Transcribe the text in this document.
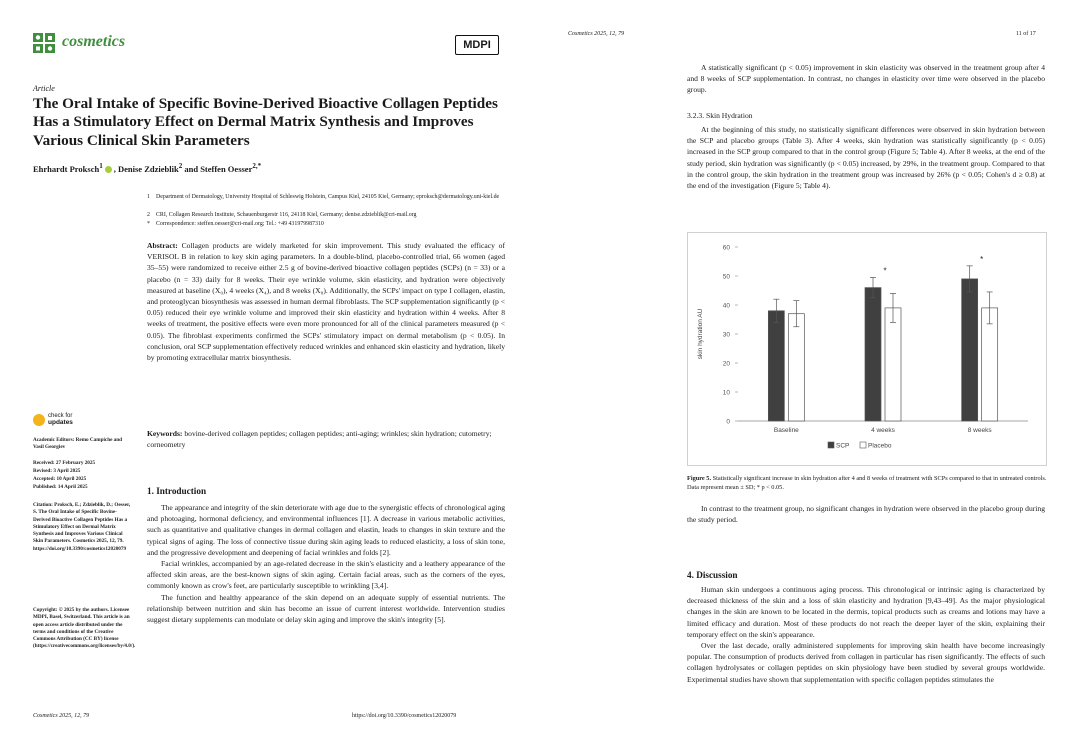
cosmetics	MDPI
Article
The Oral Intake of Specific Bovine-Derived Bioactive Collagen Peptides Has a Stimulatory Effect on Dermal Matrix Synthesis and Improves Various Clinical Skin Parameters
Ehrhardt Proksch$^1$ , Denise Zdzieblik$^2$ and Steffen Oesser$^{2,*}$
1 Department of Dermatology, University Hospital of Schleswig Holstein, Campus Kiel, 24105 Kiel, Germany; eproksch@dermatology.uni-kiel.de
2 CRI, Collagen Research Institute, Schauenburgerstr 116, 24118 Kiel, Germany; denise.zdzieblik@cri-mail.org
* Correspondence: steffen.oesser@cri-mail.org; Tel.: +49 431979987310
Abstract: Collagen products are widely marketed for skin improvement. This study evaluated the efficacy of VERISOL B in relation to key skin aging parameters. In a double-blind, placebo-controlled trial, 66 women (aged 35–55) were randomized to receive either 2.5 g of bovine-derived bioactive collagen peptides (SCPs) (n = 33) or a placebo (n = 33) daily for 8 weeks. Their eye wrinkle volume, skin elasticity, and hydration were objectively measured at baseline (X₀), 4 weeks (X₄), and 8 weeks (X₈). Additionally, the SCPs' impact on type I collagen, elastin, and proteoglycan biosynthesis was assessed in human dermal fibroblasts. The SCP supplementation significantly (p < 0.05) reduced their eye wrinkle volume and improved their skin elasticity and hydration within 4 weeks. After 8 weeks of treatment, the positive effects were even more pronounced for all of the clinical parameters measured (p < 0.05). The fibroblast experiments confirmed the SCPs' stimulatory impact on dermal metabolism (p < 0.05). In conclusion, oral SCP supplementation effectively reduced wrinkles and enhanced skin elasticity and hydration, likely by promoting extracellular matrix biosynthesis.
Keywords: bovine-derived collagen peptides; collagen peptides; anti-aging; wrinkles; skin hydration; cutometry; corneometry
check for
updates
Academic Editors: Remo Campiche and Vasil Georgiev
Received: 27 February 2025
Revised: 3 April 2025
Accepted: 10 April 2025
Published: 14 April 2025
Citation: Proksch, E.; Zdzieblik, D.; Oesser, S. The Oral Intake of Specific Bovine-Derived Bioactive Collagen Peptides Has a Stimulatory Effect on Dermal Matrix Synthesis and Improves Various Clinical Skin Parameters. Cosmetics 2025, 12, 79. https://doi.org/10.3390/cosmetics12020079
Copyright: © 2025 by the authors. Licensee MDPI, Basel, Switzerland. This article is an open access article distributed under the terms and conditions of the Creative Commons Attribution (CC BY) license (https://creativecommons.org/licenses/by/4.0/).
1. Introduction

The appearance and integrity of the skin deteriorate with age due to the synergistic effects of chronological aging and photoaging, hormonal deficiency, and environmental influences [1]. A decrease in various metabolic activities, such as quantitative and qualitative changes in dermal collagen and elastin, leads to changes in skin texture and the typical signs of aging. The loss of connective tissue during skin aging leads to reduced elasticity, a loss of skin tone, and the progressive development and deepening of facial wrinkles and folds [2].

Facial wrinkles, accompanied by an age-related decrease in the skin's elasticity and a leathery appearance of the affected skin areas, are the best-known signs of skin aging. Certain facial areas, such as the corners of the eyes, commonly known as crow's feet, are particularly susceptible to wrinkling [3,4].

The function and healthy appearance of the skin depend on an adequate supply of essential nutrients. The relationship between nutrition and skin has become an issue of current interest worldwide. Intervention studies suggest dietary supplements can modulate or delay skin aging and improve the skin's integrity [5].

Cosmetics 2025, 12, 79	https://doi.org/10.3390/cosmetics12020079
Cosmetics 2025, 12, 79	11 of 17

A statistically significant (p < 0.05) improvement in skin elasticity was observed in the treatment group after 4 and 8 weeks of SCP supplementation. In contrast, no changes in elasticity over time were observed in the placebo group.

3.2.3. Skin Hydration

At the beginning of this study, no statistically significant differences were observed in skin hydration between the SCP and placebo groups (Table 3). After 4 weeks, skin hydration was statistically significantly (p < 0.05) increased in the SCP group compared to that in the control group (Figure 5; Table 4). After 8 weeks, at the end of the study period, skin hydration was significantly (p < 0.05) increased, by 29%, in the treatment group. Compared to that in the control group, the skin hydration in the treatment group was increased by 26% (p < 0.05; Cohen's d ≥ 0.8) at the end of the investigation (Figure 5; Table 4).

0
10
20
30
40
50
60
skin hydration AU
Baseline	4 weeks
*
8 weeks
*
SCP	Placebo
Figure 5. Statistically significant increase in skin hydration after 4 and 8 weeks of treatment with SCPs compared to that in untreated controls. Data represent mean ± SD; * p < 0.05.

In contrast to the treatment group, no significant changes in hydration were observed in the placebo group during the study period.

4. Discussion

Human skin undergoes a continuous aging process. This chronological or intrinsic aging is characterized by decreased thickness of the skin and a loss of skin elasticity and hydration [9,43–49]. As the major physiological changes in the skin are known to be located in the dermis, topical products such as creams and lotions may have a limited efficacy and duration. Most of these products do not reach the deeper layer of the skin, explaining their temporary effect on the skin's appearance.

Over the last decade, orally administered supplements for improving skin health have become increasingly popular. The consumption of products derived from collagen in particular has risen significantly. The effects of such collagen hydrolysates or collagen peptides on skin physiology have been studied by several groups worldwide. Experimental studies have shown that supplementation with specific collagen peptides stimulates the
